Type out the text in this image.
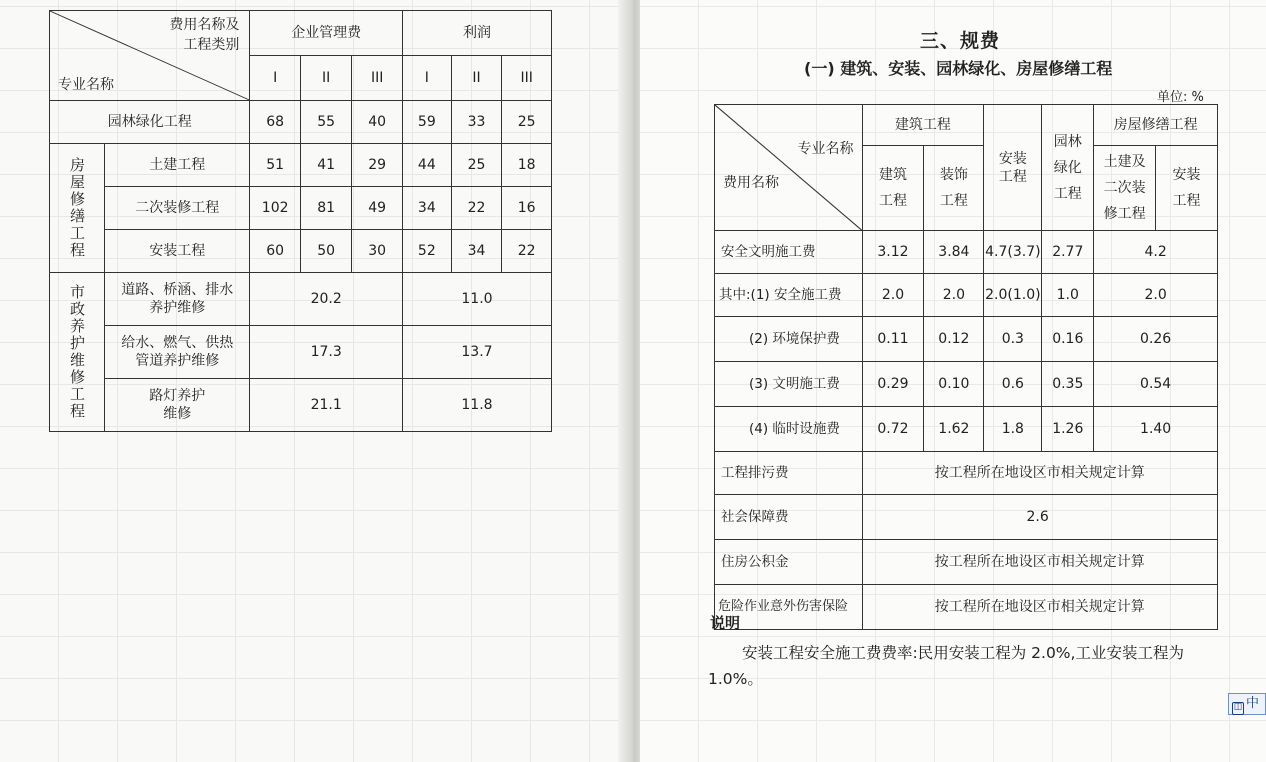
费用名称及
工程类别
专业名称		企业管理费			利润		
		I	II	III	I	II	III
园林绿化工程		68	55	40	59	33	25
房屋修缮工程	土建工程	51	41	29	44	25	18
	二次装修工程	102	81	49	34	22	16
	安装工程	60	50	30	52	34	22
市政养护维修工程	道路、桥涵、排水养护维修	20.2			11.0		
	给水、燃气、供热管道养护维修	17.3			13.7		
	路灯养护维修	21.1			11.8		
三、规费
(一) 建筑、安装、园林绿化、房屋修缮工程
单位: %
专业名称
费用名称	建筑工程		安装工程	园林绿化工程	房屋修缮工程	
	建筑工程	装饰工程			土建及二次装修工程	安装工程
安全文明施工费	3.12	3.84	4.7(3.7)	2.77	4.2	
其中:(1) 安全施工费	2.0	2.0	2.0(1.0)	1.0	2.0	
(2) 环境保护费	0.11	0.12	0.3	0.16	0.26	
(3) 文明施工费	0.29	0.10	0.6	0.35	0.54	
(4) 临时设施费	0.72	1.62	1.8	1.26	1.40	
工程排污费	按工程所在地设区市相关规定计算					
社会保障费	2.6					
住房公积金	按工程所在地设区市相关规定计算					
危险作业意外伤害保险	按工程所在地设区市相关规定计算					
说明
安装工程安全施工费费率:民用安装工程为 2.0%,工业安装工程为 1.0%。
◫ 中
